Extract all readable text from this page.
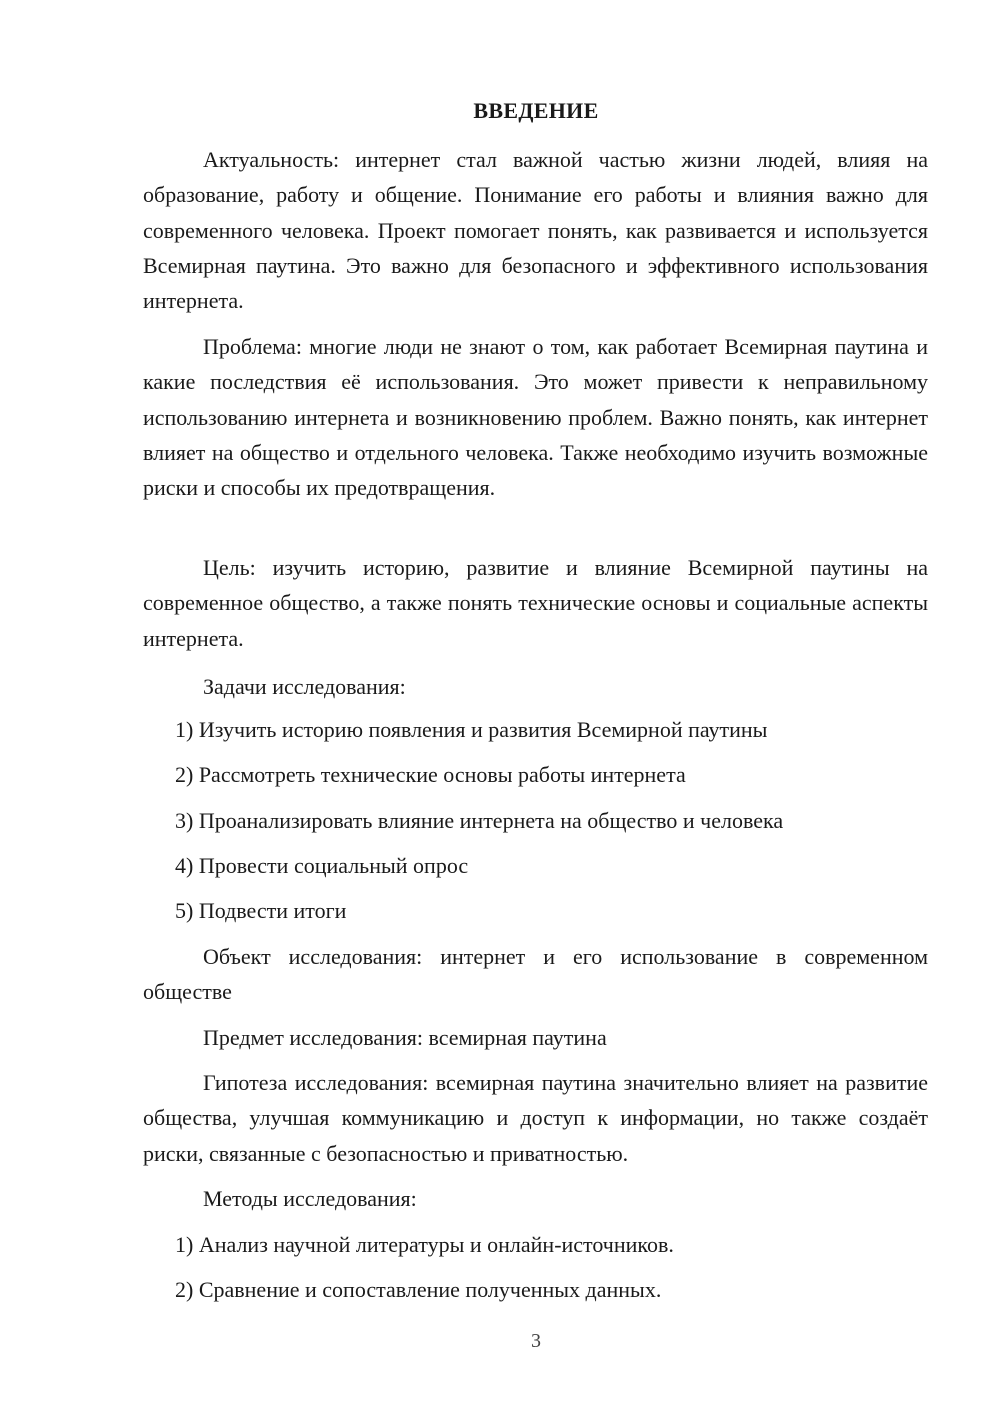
ВВЕДЕНИЕ

Актуальность: интернет стал важной частью жизни людей, влияя на образование, работу и общение. Понимание его работы и влияния важно для современного человека. Проект помогает понять, как развивается и используется Всемирная паутина. Это важно для безопасного и эффективного использования интернета.

Проблема: многие люди не знают о том, как работает Всемирная паутина и какие последствия её использования. Это может привести к неправильному использованию интернета и возникновению проблем. Важно понять, как интернет влияет на общество и отдельного человека. Также необходимо изучить возможные риски и способы их предотвращения.

Цель: изучить историю, развитие и влияние Всемирной паутины на современное общество, а также понять технические основы и социальные аспекты интернета.

Задачи исследования:

1) Изучить историю появления и развития Всемирной паутины

2) Рассмотреть технические основы работы интернета

3) Проанализировать влияние интернета на общество и человека

4) Провести социальный опрос

5) Подвести итоги

Объект исследования: интернет и его использование в современном обществе

Предмет исследования: всемирная паутина

Гипотеза исследования: всемирная паутина значительно влияет на развитие общества, улучшая коммуникацию и доступ к информации, но также создаёт риски, связанные с безопасностью и приватностью.

Методы исследования:

1) Анализ научной литературы и онлайн-источников.

2) Сравнение и сопоставление полученных данных.

3
